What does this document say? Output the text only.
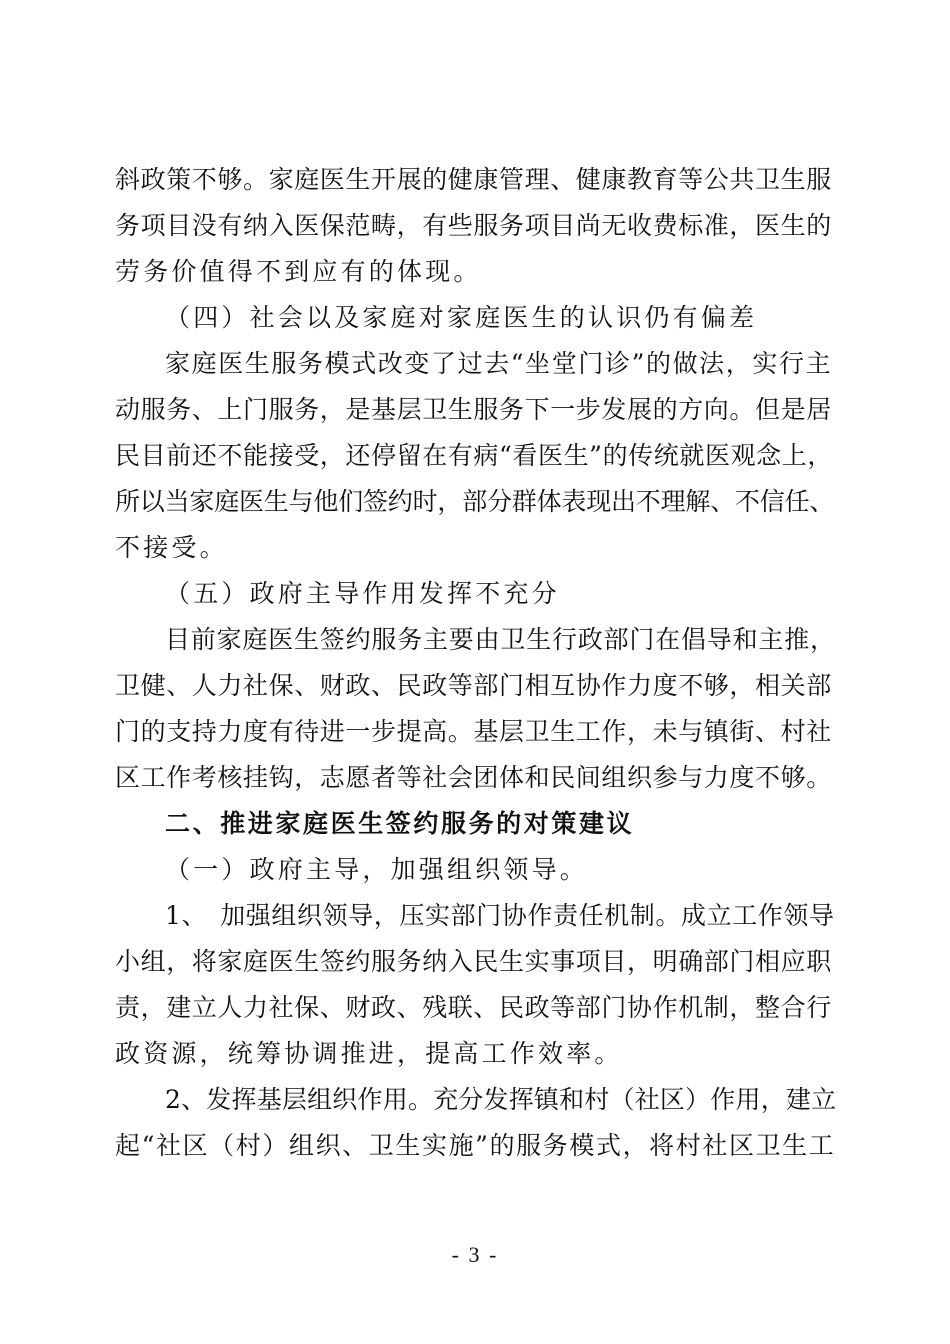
斜政策不够。家庭医生开展的健康管理、健康教育等公共卫生服
务项目没有纳入医保范畴，有些服务项目尚无收费标准，医生的
劳务价值得不到应有的体现。
（四）社会以及家庭对家庭医生的认识仍有偏差
家庭医生服务模式改变了过去“坐堂门诊”的做法，实行主
动服务、上门服务，是基层卫生服务下一步发展的方向。但是居
民目前还不能接受，还停留在有病“看医生”的传统就医观念上，
所以当家庭医生与他们签约时，部分群体表现出不理解、不信任、
不接受。
（五）政府主导作用发挥不充分
目前家庭医生签约服务主要由卫生行政部门在倡导和主推，
卫健、人力社保、财政、民政等部门相互协作力度不够，相关部
门的支持力度有待进一步提高。基层卫生工作，未与镇街、村社
区工作考核挂钩，志愿者等社会团体和民间组织参与力度不够。
二、推进家庭医生签约服务的对策建议
（一）政府主导，加强组织领导。
1、　加强组织领导，压实部门协作责任机制。成立工作领导
小组，将家庭医生签约服务纳入民生实事项目，明确部门相应职
责，建立人力社保、财政、残联、民政等部门协作机制，整合行
政资源，统筹协调推进，提高工作效率。
2、发挥基层组织作用。充分发挥镇和村（社区）作用，建立
起“社区（村）组织、卫生实施”的服务模式，将村社区卫生工
- 3 -
